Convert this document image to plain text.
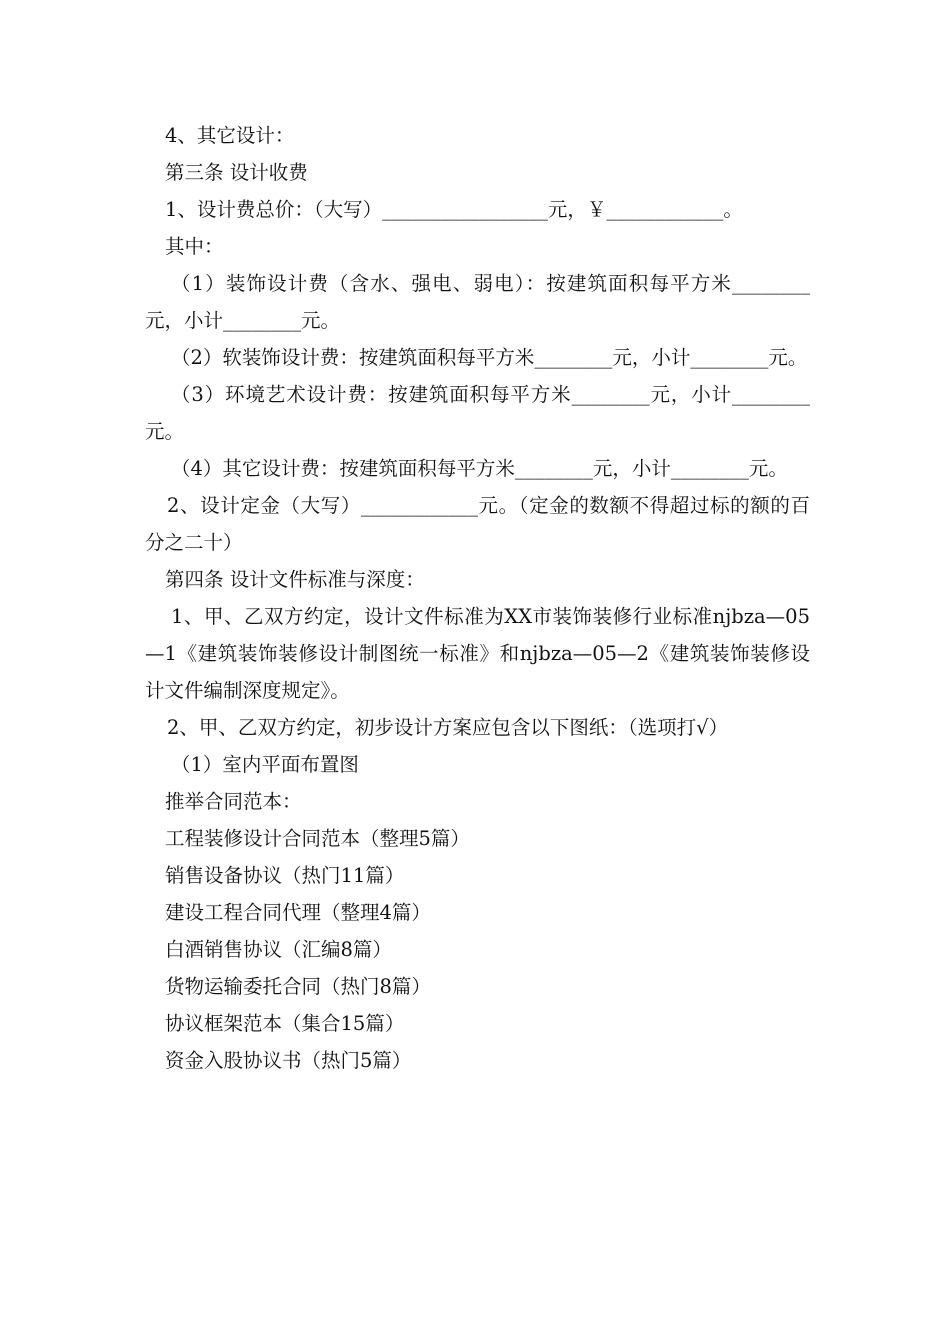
4、其它设计：
第三条 设计收费
1、设计费总价：（大写）_________________元，￥____________。
其中：
（1）装饰设计费（含水、强电、弱电）：按建筑面积每平方米________元，小计________元。
（2）软装饰设计费：按建筑面积每平方米________元，小计________元。
（3）环境艺术设计费：按建筑面积每平方米________元，小计________元。
（4）其它设计费：按建筑面积每平方米________元，小计________元。
2、设计定金（大写）____________元。（定金的数额不得超过标的额的百分之二十）
第四条 设计文件标准与深度：
1、甲、乙双方约定，设计文件标准为XX市装饰装修行业标准njbza—05—1《建筑装饰装修设计制图统一标准》和njbza—05—2《建筑装饰装修设计文件编制深度规定》。
2、甲、乙双方约定，初步设计方案应包含以下图纸：（选项打√）
（1）室内平面布置图
推举合同范本：
工程装修设计合同范本（整理5篇）
销售设备协议（热门11篇）
建设工程合同代理（整理4篇）
白酒销售协议（汇编8篇）
货物运输委托合同（热门8篇）
协议框架范本（集合15篇）
资金入股协议书（热门5篇）
